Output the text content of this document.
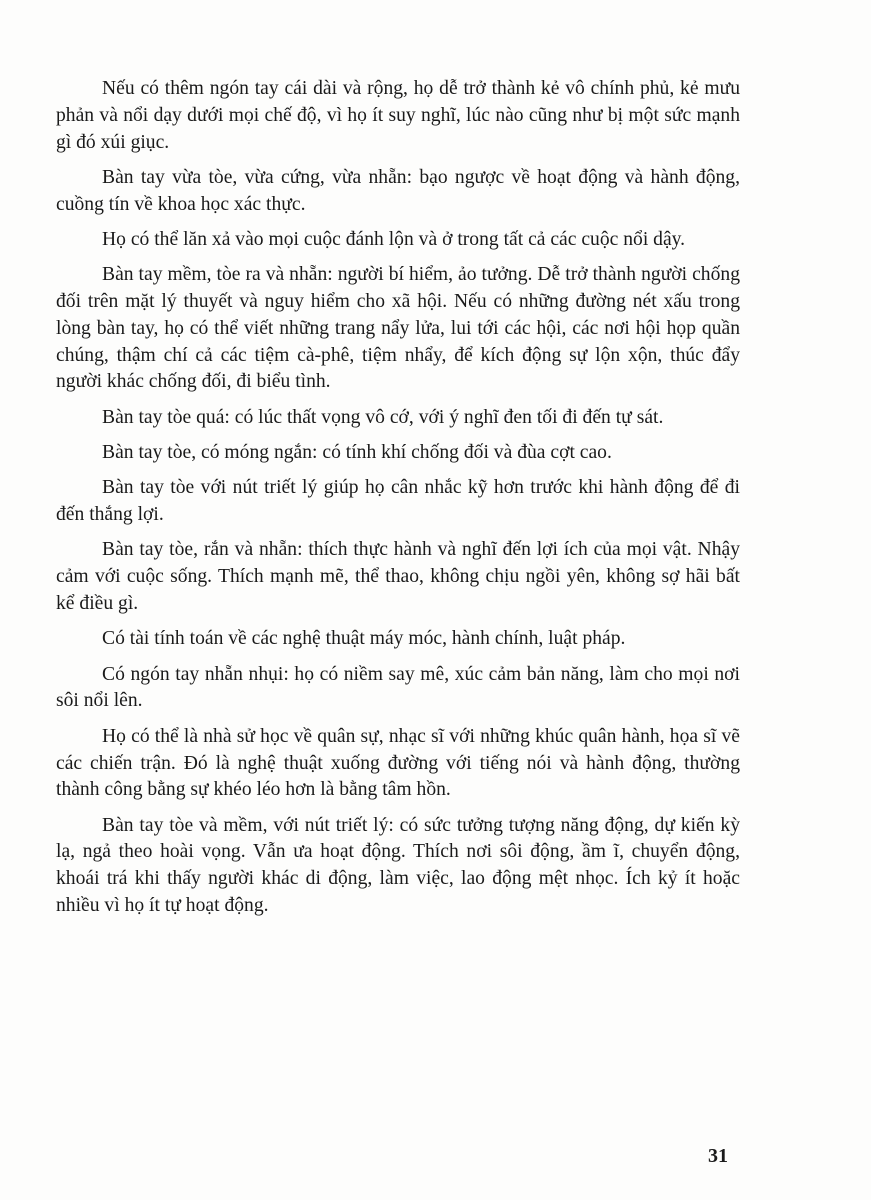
Nếu có thêm ngón tay cái dài và rộng, họ dễ trở thành kẻ vô chính phủ, kẻ mưu phản và nổi dạy dưới mọi chế độ, vì họ ít suy nghĩ, lúc nào cũng như bị một sức mạnh gì đó xúi giục.

Bàn tay vừa tòe, vừa cứng, vừa nhẵn: bạo ngược về hoạt động và hành động, cuồng tín về khoa học xác thực.

Họ có thể lăn xả vào mọi cuộc đánh lộn và ở trong tất cả các cuộc nổi dậy.

Bàn tay mềm, tòe ra và nhẵn: người bí hiểm, ảo tưởng. Dễ trở thành người chống đối trên mặt lý thuyết và nguy hiểm cho xã hội. Nếu có những đường nét xấu trong lòng bàn tay, họ có thể viết những trang nẩy lửa, lui tới các hội, các nơi hội họp quần chúng, thậm chí cả các tiệm cà-phê, tiệm nhẩy, để kích động sự lộn xộn, thúc đẩy người khác chống đối, đi biểu tình.

Bàn tay tòe quá: có lúc thất vọng vô cớ, với ý nghĩ đen tối đi đến tự sát.

Bàn tay tòe, có móng ngắn: có tính khí chống đối và đùa cợt cao.

Bàn tay tòe với nút triết lý giúp họ cân nhắc kỹ hơn trước khi hành động để đi đến thắng lợi.

Bàn tay tòe, rắn và nhẵn: thích thực hành và nghĩ đến lợi ích của mọi vật. Nhậy cảm với cuộc sống. Thích mạnh mẽ, thể thao, không chịu ngồi yên, không sợ hãi bất kể điều gì.

Có tài tính toán về các nghệ thuật máy móc, hành chính, luật pháp.

Có ngón tay nhẵn nhụi: họ có niềm say mê, xúc cảm bản năng, làm cho mọi nơi sôi nổi lên.

Họ có thể là nhà sử học về quân sự, nhạc sĩ với những khúc quân hành, họa sĩ vẽ các chiến trận. Đó là nghệ thuật xuống đường với tiếng nói và hành động, thường thành công bằng sự khéo léo hơn là bằng tâm hồn.

Bàn tay tòe và mềm, với nút triết lý: có sức tưởng tượng năng động, dự kiến kỳ lạ, ngả theo hoài vọng. Vẫn ưa hoạt động. Thích nơi sôi động, ầm ĩ, chuyển động, khoái trá khi thấy người khác di động, làm việc, lao động mệt nhọc. Ích kỷ ít hoặc nhiều vì họ ít tự hoạt động.

31
